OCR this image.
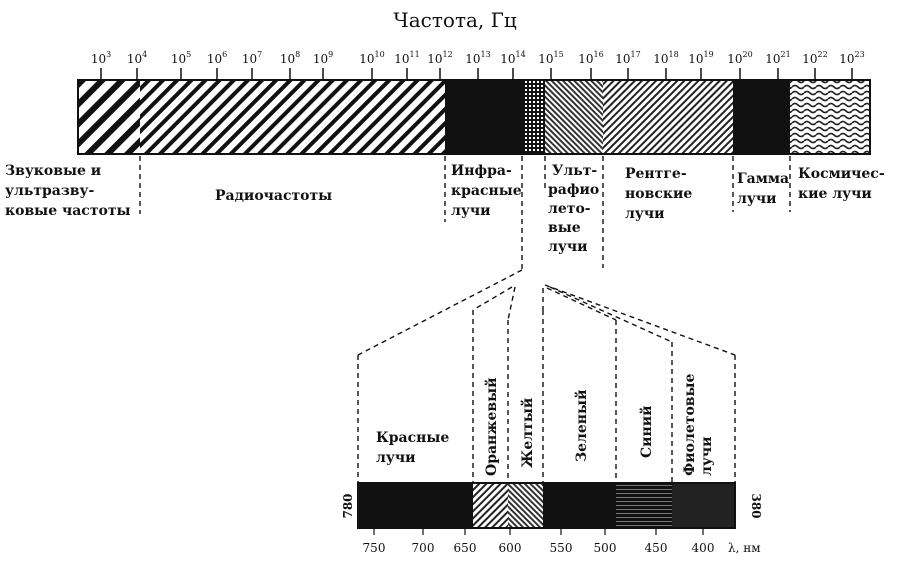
Частота, Гц
$10^3$ $10^4$ $10^5$ $10^6$ $10^7$ $10^8$ $10^9$ $10^{10}$ $10^{11}$ $10^{12}$ $10^{13}$ $10^{14}$ $10^{15}$ $10^{16}$ $10^{17}$ $10^{18}$ $10^{19}$ $10^{20}$ $10^{21}$ $10^{22}$ $10^{23}$
Звуковые и ультразву- ковые частоты
Радиочастоты
Инфра- красные лучи
Ульт- рафио лето- вые лучи
Рентге- новские лучи
Гамма лучи
Космичес- кие лучи
Красные лучи	Оранжевый Желтый	Зеленый	Синий Фиолетовые лучи
780	380
750 700 650 600 550 500 450 400 λ, нм
